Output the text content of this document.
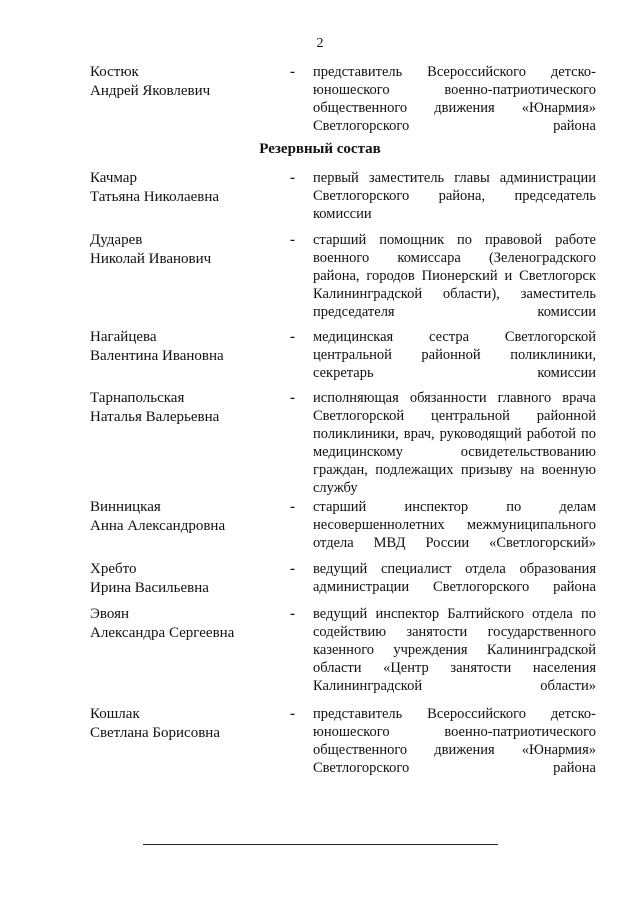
2
Костюк
Андрей Яковлевич
- представитель Всероссийского детско-юношеского военно-патриотического общественного движения «Юнармия» Светлогорского района
Резервный состав
Качмар
Татьяна Николаевна
- первый заместитель главы администрации Светлогорского района, председатель комиссии
Дударев
Николай Иванович
- старший помощник по правовой работе военного комиссара (Зеленоградского района, городов Пионерский и Светлогорск Калининградской области), заместитель председателя комиссии
Нагайцева
Валентина Ивановна
- медицинская сестра Светлогорской центральной районной поликлиники, секретарь комиссии
Тарнапольская
Наталья Валерьевна
- исполняющая обязанности главного врача Светлогорской центральной районной поликлиники, врач, руководящий работой по медицинскому освидетельствованию граждан, подлежащих призыву на военную службу
Винницкая
Анна Александровна
- старший инспектор по делам несовершеннолетних межмуниципального отдела МВД России «Светлогорский»
Хребто
Ирина Васильевна
- ведущий специалист отдела образования администрации Светлогорского района
Эвоян
Александра Сергеевна
- ведущий инспектор Балтийского отдела по содействию занятости государственного казенного учреждения Калининградской области «Центр занятости населения Калининградской области»
Кошлак
Светлана Борисовна
- представитель Всероссийского детско-юношеского военно-патриотического общественного движения «Юнармия» Светлогорского района
